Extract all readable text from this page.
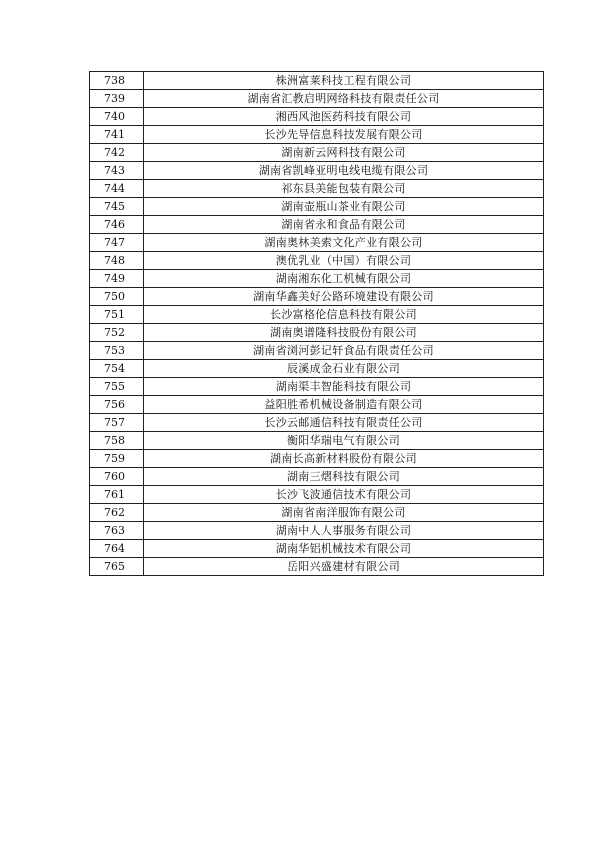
738	株洲富莱科技工程有限公司
739	湖南省汇教启明网络科技有限责任公司
740	湘西风池医药科技有限公司
741	长沙先导信息科技发展有限公司
742	湖南新云网科技有限公司
743	湖南省凯峰亚明电线电缆有限公司
744	祁东县美能包装有限公司
745	湖南壶瓶山茶业有限公司
746	湖南省永和食品有限公司
747	湖南奥林美索文化产业有限公司
748	澳优乳业（中国）有限公司
749	湖南湘东化工机械有限公司
750	湖南华鑫美好公路环境建设有限公司
751	长沙富格伦信息科技有限公司
752	湖南奥谱隆科技股份有限公司
753	湖南省浏河彭记轩食品有限责任公司
754	辰溪成金石业有限公司
755	湖南渠丰智能科技有限公司
756	益阳胜希机械设备制造有限公司
757	长沙云邮通信科技有限责任公司
758	衡阳华瑞电气有限公司
759	湖南长高新材料股份有限公司
760	湖南三熠科技有限公司
761	长沙飞波通信技术有限公司
762	湖南省南洋服饰有限公司
763	湖南中人人事服务有限公司
764	湖南华铝机械技术有限公司
765	岳阳兴盛建材有限公司
